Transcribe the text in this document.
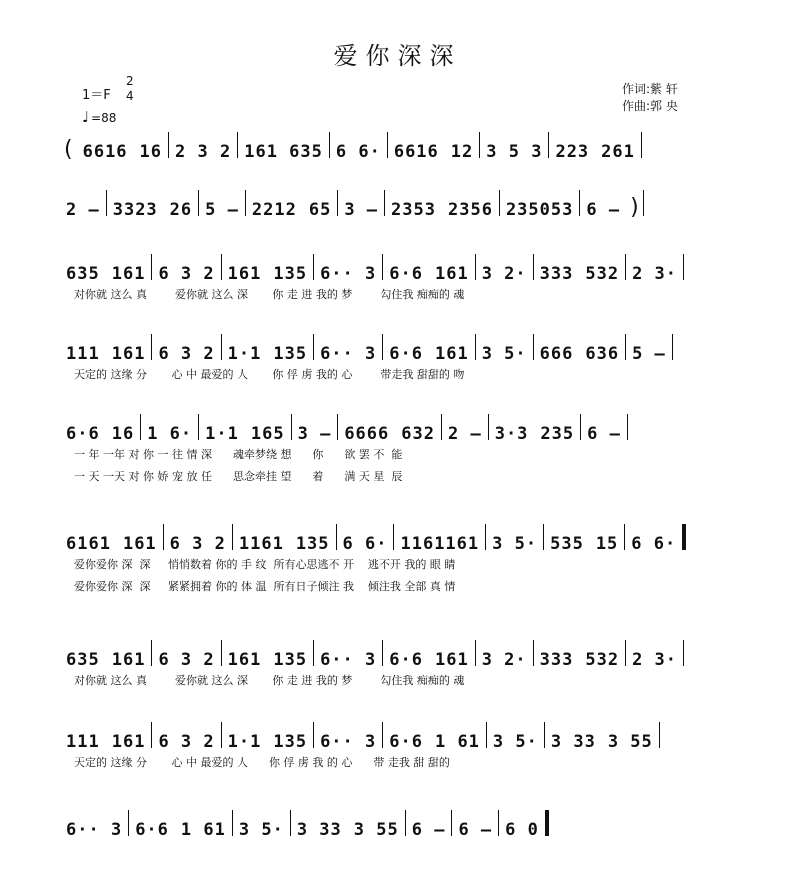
爱你深深
1＝F
2
4
♩ =88
作词:紫 轩
作曲:郭 央
( 6616 16 2 3 2 161 635 6 6· 6616 12 3 5 3 223 261
2 – 3323 26 5 – 2212 65 3 – 2353 2356 235053 6 – )
635 161 6 3 2 161 135 6·· 3 6·6 161 3 2· 333 532 2 3·
对你就 这么 真        爱你就 这么 深       你 走 进 我的 梦        勾住我 痴痴的 魂
111 161 6 3 2 1·1 135 6·· 3 6·6 161 3 5· 666 636 5 –
天定的 这缘 分       心 中 最爱的 人       你 俘 虏 我的 心        带走我 甜甜的 吻
6·6 16 1 6· 1·1 165 3 – 6666 632 2 – 3·3 235 6 –
一 年 一年 对 你 一 往 情 深      魂牵梦绕 想      你      欲 罢 不  能
一 天 一天 对 你 娇 宠 放 任      思念牵挂 望      着      满 天 星  辰
6161 161 6 3 2 1161 135 6 6· 1161161 3 5· 535 15 6 6·
爱你爱你 深  深     悄悄数着 你的 手 纹  所有心思逃不 开    逃不开 我的 眼 睛
爱你爱你 深  深     紧紧拥着 你的 体 温  所有日子倾注 我    倾注我 全部 真 情
635 161 6 3 2 161 135 6·· 3 6·6 161 3 2· 333 532 2 3·
对你就 这么 真        爱你就 这么 深       你 走 进 我的 梦        勾住我 痴痴的 魂
111 161 6 3 2 1·1 135 6·· 3 6·6 1 61 3 5· 3 33 3 55
天定的 这缘 分       心 中 最爱的 人      你 俘 虏 我 的 心      带 走我 甜 甜的
6·· 3 6·6 1 61 3 5· 3 33 3 55 6 – 6 – 6 0
